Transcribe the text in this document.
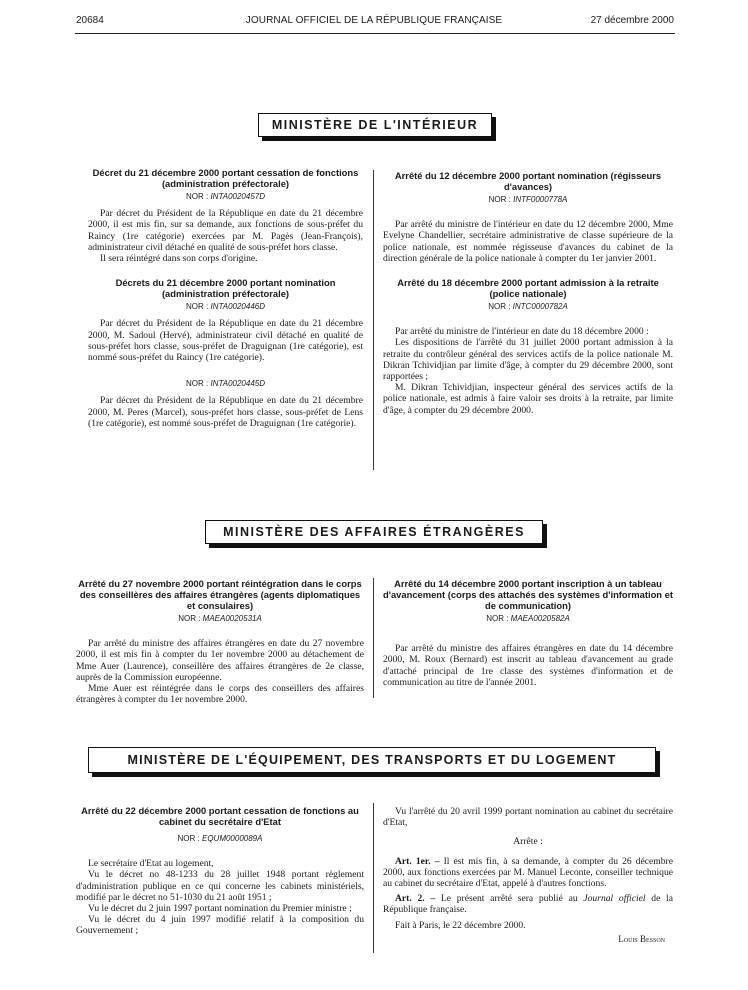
20684	JOURNAL OFFICIEL DE LA RÉPUBLIQUE FRANÇAISE	27 décembre 2000
MINISTÈRE DE L'INTÉRIEUR
Décret du 21 décembre 2000 portant cessation de fonctions (administration préfectorale)
NOR : INTA0020457D

Par décret du Président de la République en date du 21 décembre 2000, il est mis fin, sur sa demande, aux fonctions de sous-préfet du Raincy (1re catégorie) exercées par M. Pagès (Jean-François), administrateur civil détaché en qualité de sous-préfet hors classe.

Il sera réintégré dans son corps d'origine.

Décrets du 21 décembre 2000 portant nomination (administration préfectorale)
NOR : INTA0020446D

Par décret du Président de la République en date du 21 décembre 2000, M. Sadoul (Hervé), administrateur civil détaché en qualité de sous-préfet hors classe, sous-préfet de Draguignan (1re catégorie), est nommé sous-préfet du Raincy (1re catégorie).

NOR : INTA0020445D

Par décret du Président de la République en date du 21 décembre 2000, M. Peres (Marcel), sous-préfet hors classe, sous-préfet de Lens (1re catégorie), est nommé sous-préfet de Draguignan (1re catégorie).

Arrêté du 12 décembre 2000 portant nomination (régisseurs d'avances)
NOR : INTF0000778A

Par arrêté du ministre de l'intérieur en date du 12 décembre 2000, Mme Evelyne Chandellier, secrétaire administrative de classe supérieure de la police nationale, est nommée régisseuse d'avances du cabinet de la direction générale de la police nationale à compter du 1er janvier 2001.

Arrêté du 18 décembre 2000 portant admission à la retraite (police nationale)
NOR : INTC0000782A

Par arrêté du ministre de l'intérieur en date du 18 décembre 2000 :

Les dispositions de l'arrêté du 31 juillet 2000 portant admission à la retraite du contrôleur général des services actifs de la police nationale M. Dikran Tchividjian par limite d'âge, à compter du 29 décembre 2000, sont rapportées ;

M. Dikran Tchividjian, inspecteur général des services actifs de la police nationale, est admis à faire valoir ses droits à la retraite, par limite d'âge, à compter du 29 décembre 2000.

MINISTÈRE DES AFFAIRES ÉTRANGÈRES
Arrêté du 27 novembre 2000 portant réintégration dans le corps des conseillères des affaires étrangères (agents diplomatiques et consulaires)
NOR : MAEA0020531A

Par arrêté du ministre des affaires étrangères en date du 27 novembre 2000, il est mis fin à compter du 1er novembre 2000 au détachement de Mme Auer (Laurence), conseillère des affaires étrangères de 2e classe, auprès de la Commission européenne.

Mme Auer est réintégrée dans le corps des conseillers des affaires étrangères à compter du 1er novembre 2000.

Arrêté du 14 décembre 2000 portant inscription à un tableau d'avancement (corps des attachés des systèmes d'information et de communication)
NOR : MAEA0020582A

Par arrêté du ministre des affaires étrangères en date du 14 décembre 2000, M. Roux (Bernard) est inscrit au tableau d'avancement au grade d'attaché principal de 1re classe des systèmes d'information et de communication au titre de l'année 2001.

MINISTÈRE DE L'ÉQUIPEMENT, DES TRANSPORTS ET DU LOGEMENT
Arrêté du 22 décembre 2000 portant cessation de fonctions au cabinet du secrétaire d'Etat
NOR : EQUM0000089A

Le secrétaire d'Etat au logement,

Vu le décret no 48-1233 du 28 juillet 1948 portant règlement d'administration publique en ce qui concerne les cabinets ministériels, modifié par le décret no 51-1030 du 21 août 1951 ;

Vu le décret du 2 juin 1997 portant nomination du Premier ministre ;

Vu le décret du 4 juin 1997 modifié relatif à la composition du Gouvernement ;

Vu l'arrêté du 20 avril 1999 portant nomination au cabinet du secrétaire d'Etat,

Arrête :

Art. 1er. – Il est mis fin, à sa demande, à compter du 26 décembre 2000, aux fonctions exercées par M. Manuel Leconte, conseiller technique au cabinet du secrétaire d'Etat, appelé à d'autres fonctions.

Art. 2. – Le présent arrêté sera publié au Journal officiel de la République française.

Fait à Paris, le 22 décembre 2000.

Louis Besson
